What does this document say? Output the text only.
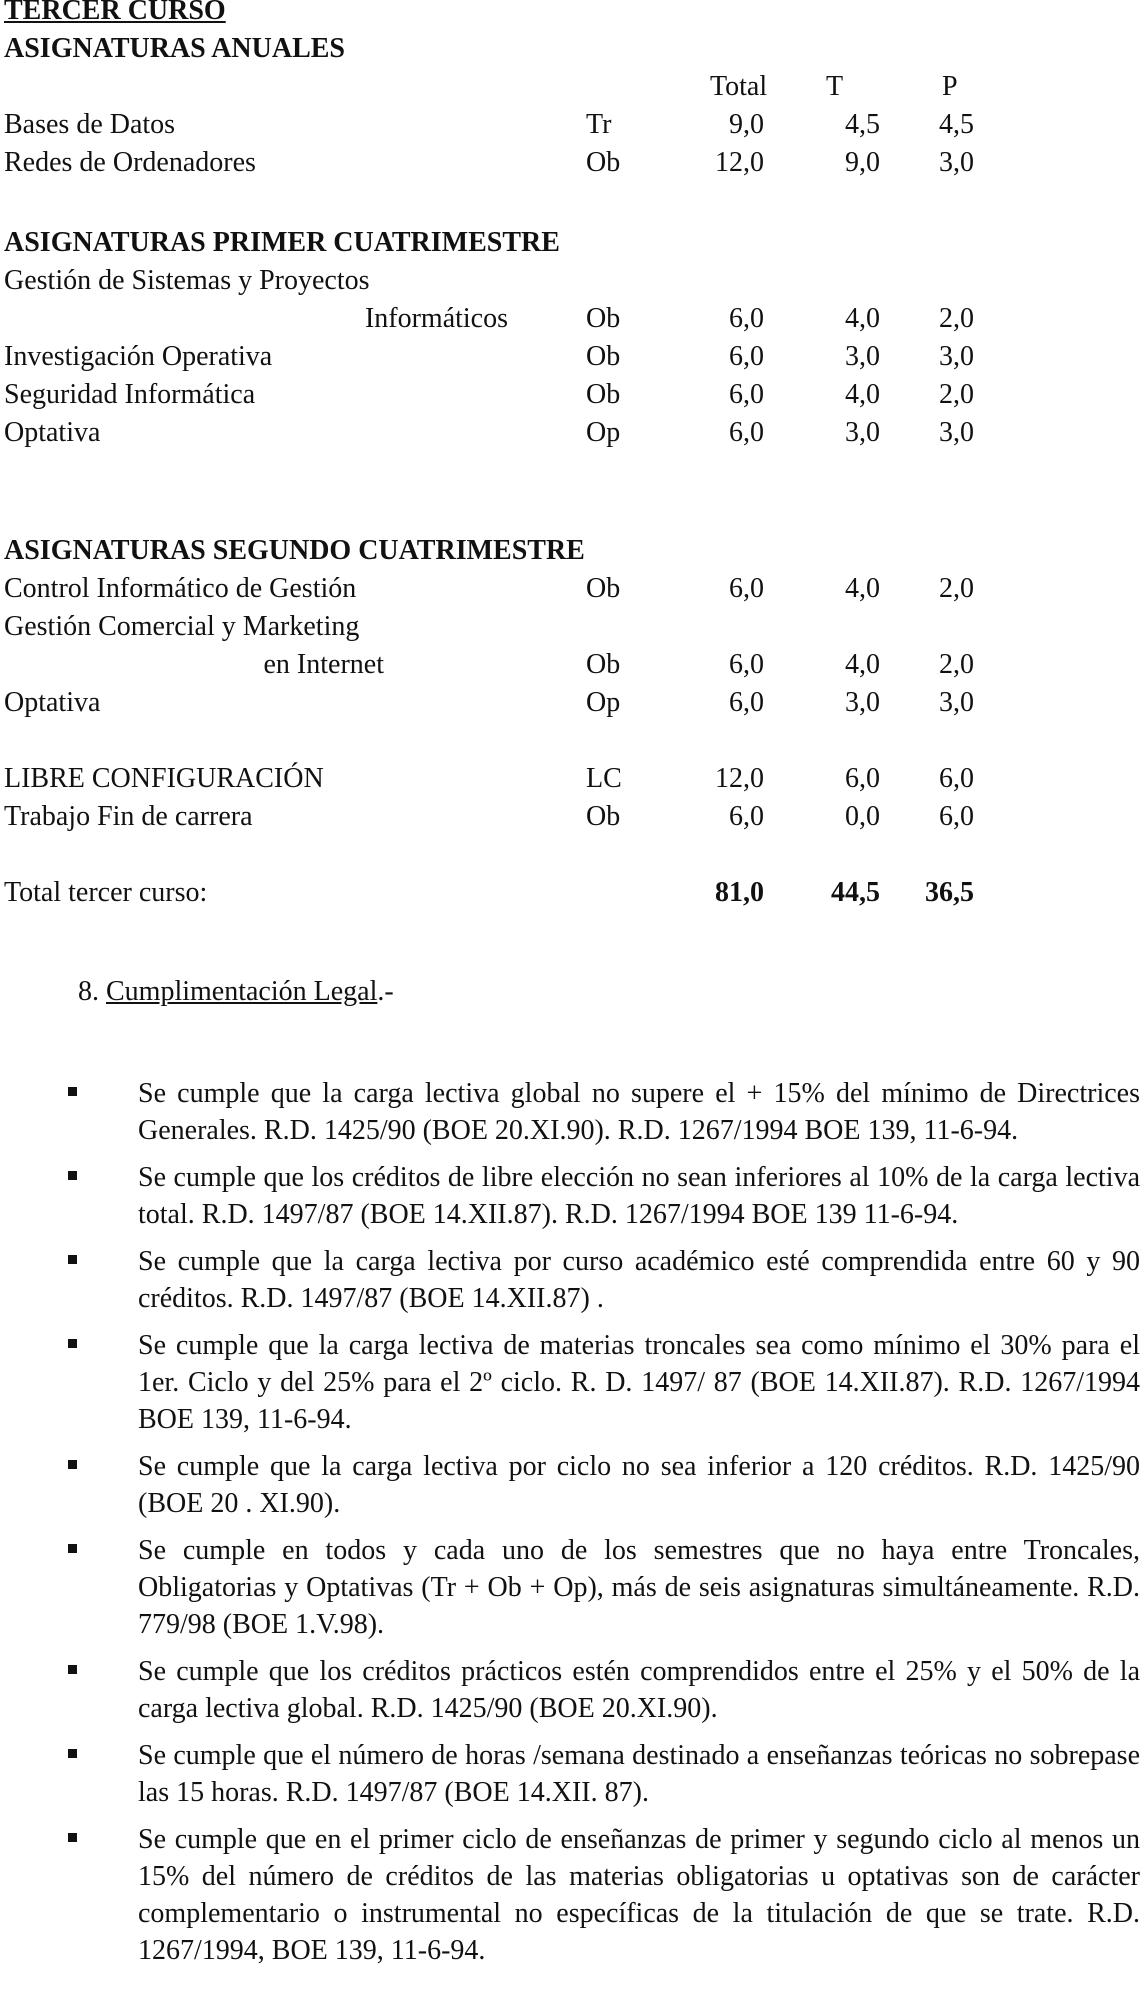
TERCER CURSO
ASIGNATURAS ANUALES
Total T	P
Bases de Datos	Tr	9,0	4,5 4,5
Redes de Ordenadores	Ob	12,0	9,0 3,0
ASIGNATURAS PRIMER CUATRIMESTRE
Gestión de Sistemas y Proyectos
Informáticos	Ob	6,0	4,0 2,0
Investigación Operativa	Ob	6,0	3,0 3,0
Seguridad Informática	Ob	6,0	4,0 2,0
Optativa	Op	6,0	3,0 3,0
ASIGNATURAS SEGUNDO CUATRIMESTRE
Control Informático de Gestión	Ob	6,0	4,0 2,0
Gestión Comercial y Marketing
en Internet	Ob	6,0	4,0 2,0
Optativa	Op	6,0	3,0 3,0
LIBRE CONFIGURACIÓN	LC	12,0	6,0 6,0
Trabajo Fin de carrera	Ob	6,0	0,0 6,0
Total tercer curso:	81,0 44,5 36,5
8. Cumplimentación Legal.-
Se cumple que la carga lectiva global no supere el + 15% del mínimo de Directrices Generales. R.D. 1425/90 (BOE 20.XI.90). R.D. 1267/1994 BOE 139, 11-6-94.
Se cumple que los créditos de libre elección no sean inferiores al 10% de la carga lectiva total. R.D. 1497/87 (BOE 14.XII.87). R.D. 1267/1994 BOE 139 11-6-94.
Se cumple que la carga lectiva por curso académico esté comprendida entre 60 y 90 créditos. R.D. 1497/87 (BOE 14.XII.87) .
Se cumple que la carga lectiva de materias troncales sea como mínimo el 30% para el 1er. Ciclo y del 25% para el 2º ciclo. R. D. 1497/ 87 (BOE 14.XII.87). R.D. 1267/1994 BOE 139, 11-6-94.
Se cumple que la carga lectiva por ciclo no sea inferior a 120 créditos. R.D. 1425/90 (BOE 20 . XI.90).
Se cumple en todos y cada uno de los semestres que no haya entre Troncales, Obligatorias y Optativas (Tr + Ob + Op), más de seis asignaturas simultáneamente. R.D. 779/98 (BOE 1.V.98).
Se cumple que los créditos prácticos estén comprendidos entre el 25% y el 50% de la carga lectiva global. R.D. 1425/90 (BOE 20.XI.90).
Se cumple que el número de horas /semana destinado a enseñanzas teóricas no sobrepase las 15 horas. R.D. 1497/87 (BOE 14.XII. 87).
Se cumple que en el primer ciclo de enseñanzas de primer y segundo ciclo al menos un 15% del número de créditos de las materias obligatorias u optativas son de carácter complementario o instrumental no específicas de la titulación de que se trate. R.D. 1267/1994, BOE 139, 11-6-94.
